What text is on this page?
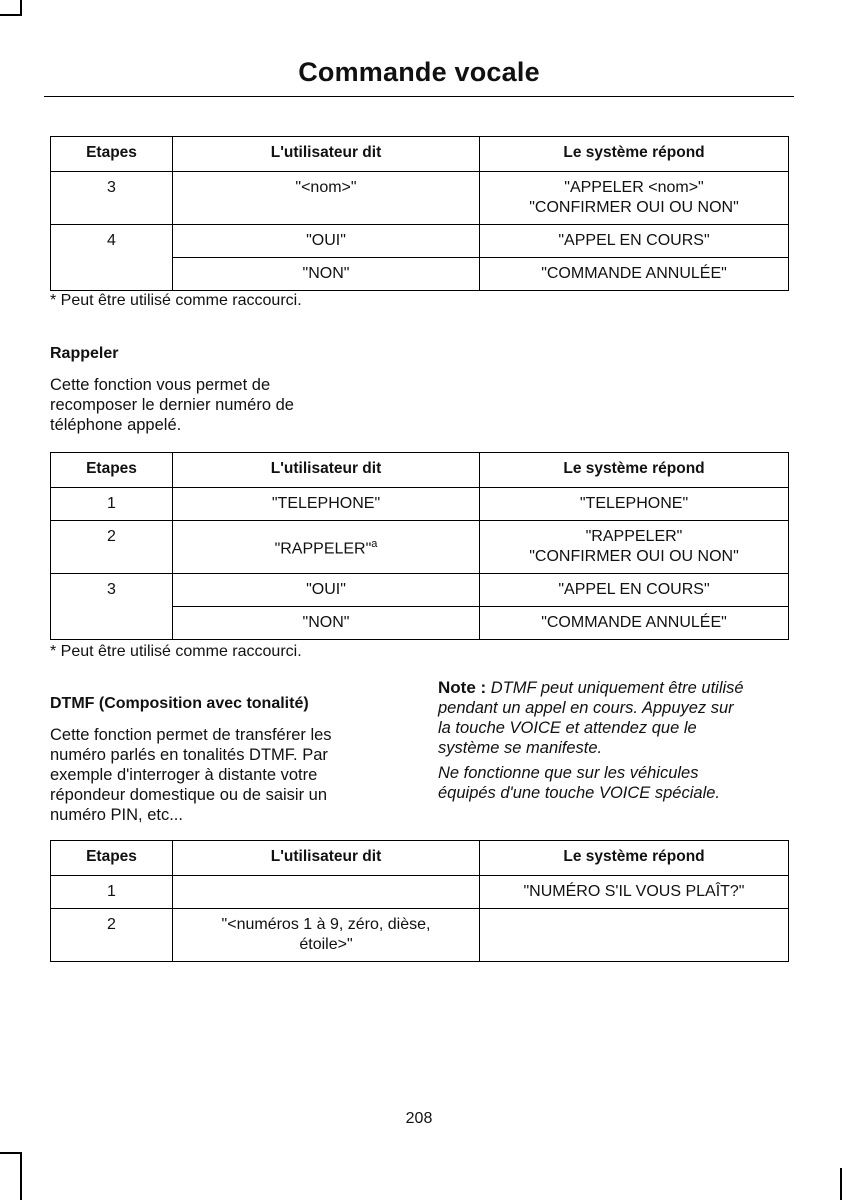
Commande vocale
Etapes	L'utilisateur dit	Le système répond
3	"<nom>"	"APPELER <nom>"
"CONFIRMER OUI OU NON"
4	"OUI"	"APPEL EN COURS"
	"NON"	"COMMANDE ANNULÉE"
* Peut être utilisé comme raccourci.
Rappeler
Cette fonction vous permet de
recomposer le dernier numéro de
téléphone appelé.
Etapes	L'utilisateur dit	Le système répond
1	"TELEPHONE"	"TELEPHONE"
2	"RAPPELER"$^a$	"RAPPELER"
"CONFIRMER OUI OU NON"
3	"OUI"	"APPEL EN COURS"
	"NON"	"COMMANDE ANNULÉE"
* Peut être utilisé comme raccourci.
DTMF (Composition avec tonalité)
Cette fonction permet de transférer les
numéro parlés en tonalités DTMF. Par
exemple d'interroger à distante votre
répondeur domestique ou de saisir un
numéro PIN, etc...
Note : DTMF peut uniquement être utilisé
pendant un appel en cours. Appuyez sur
la touche VOICE et attendez que le
système se manifeste.
Ne fonctionne que sur les véhicules
équipés d'une touche VOICE spéciale.
Etapes	L'utilisateur dit	Le système répond
1		"NUMÉRO S'IL VOUS PLAÎT?"
2	"<numéros 1 à 9, zéro, dièse,
étoile>"	
208
